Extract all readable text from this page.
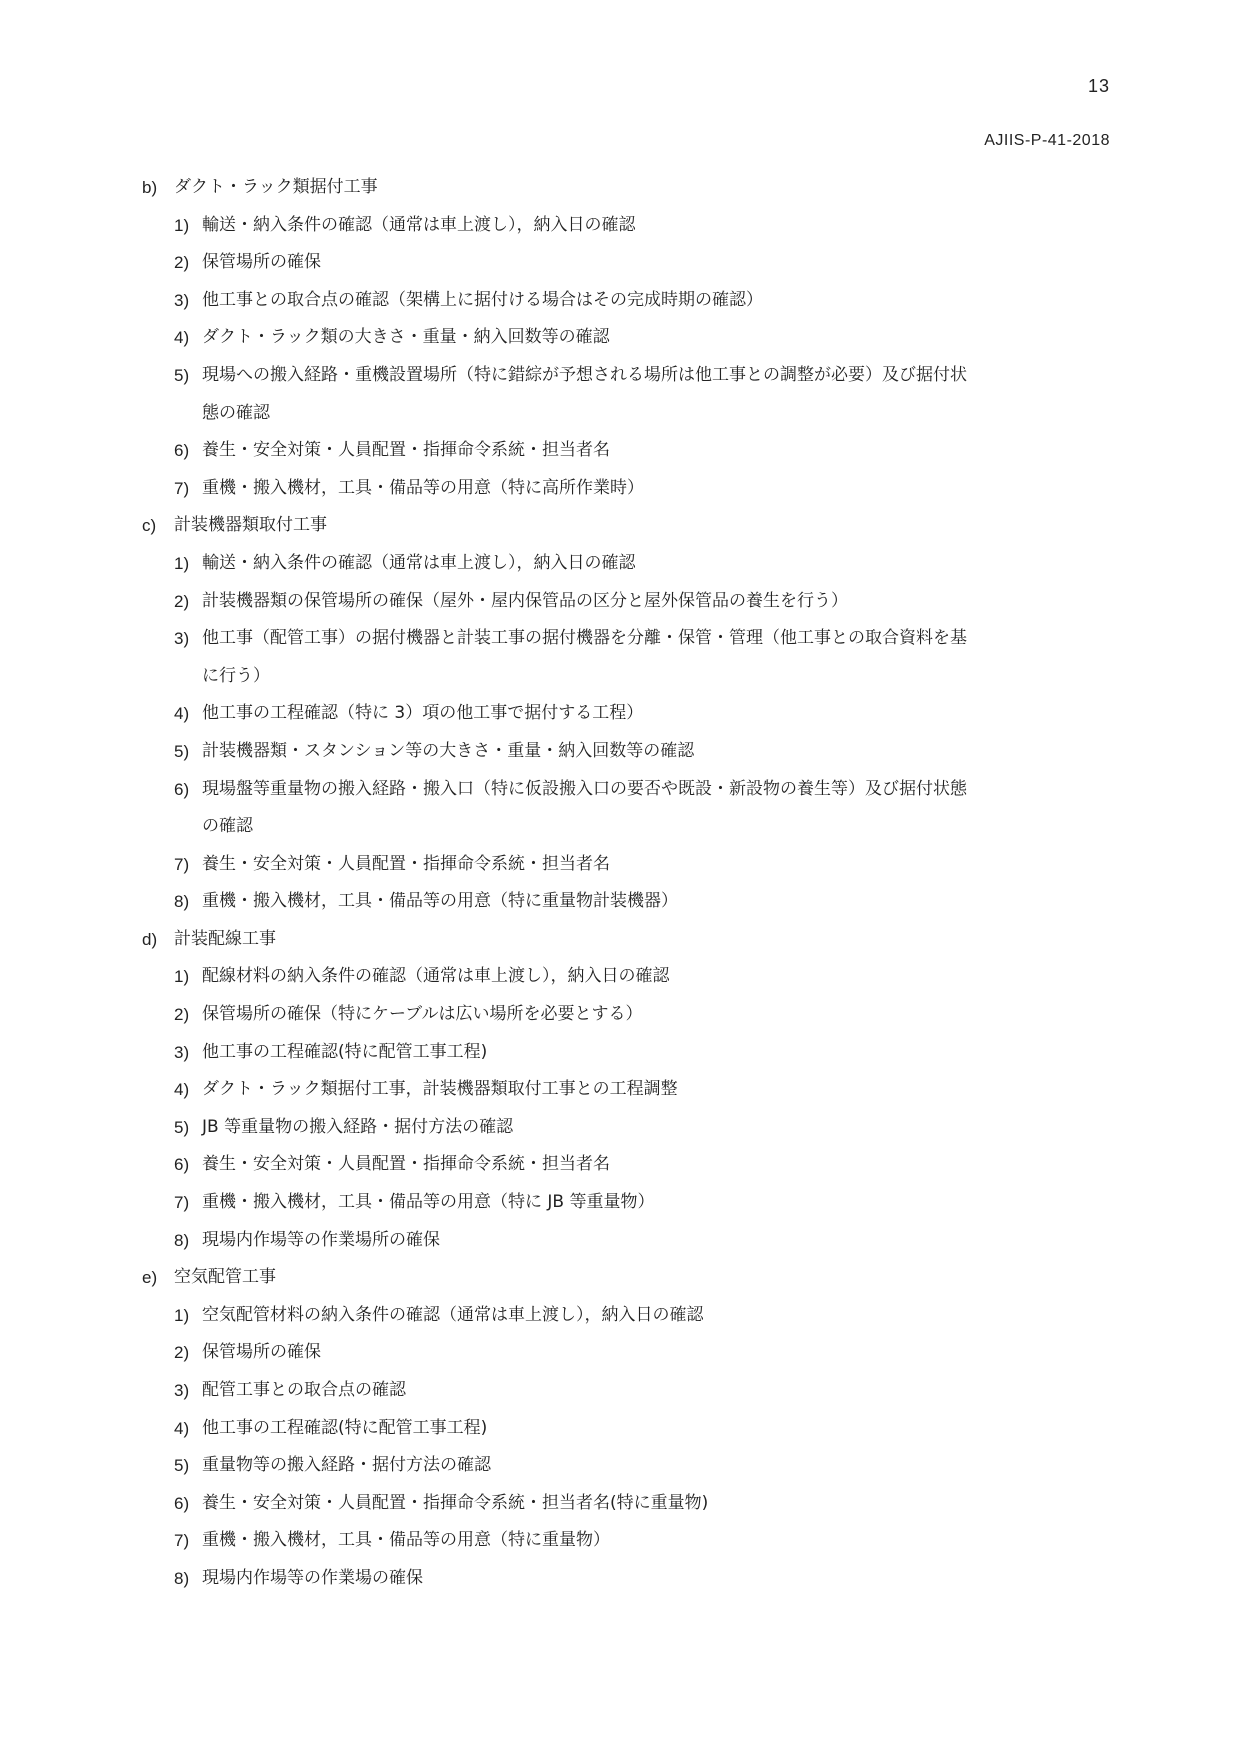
13
AJIIS-P-41-2018
b) ダクト・ラック類据付工事
1) 輸送・納入条件の確認（通常は車上渡し），納入日の確認
2) 保管場所の確保
3) 他工事との取合点の確認（架構上に据付ける場合はその完成時期の確認）
4) ダクト・ラック類の大きさ・重量・納入回数等の確認
5) 現場への搬入経路・重機設置場所（特に錯綜が予想される場所は他工事との調整が必要）及び据付状
態の確認
6) 養生・安全対策・人員配置・指揮命令系統・担当者名
7) 重機・搬入機材，工具・備品等の用意（特に高所作業時）
c)	計装機器類取付工事
1) 輸送・納入条件の確認（通常は車上渡し），納入日の確認
2) 計装機器類の保管場所の確保（屋外・屋内保管品の区分と屋外保管品の養生を行う）
3) 他工事（配管工事）の据付機器と計装工事の据付機器を分離・保管・管理（他工事との取合資料を基
に行う）
4) 他工事の工程確認（特に 3）項の他工事で据付する工程）
5) 計装機器類・スタンション等の大きさ・重量・納入回数等の確認
6) 現場盤等重量物の搬入経路・搬入口（特に仮設搬入口の要否や既設・新設物の養生等）及び据付状態
の確認
7) 養生・安全対策・人員配置・指揮命令系統・担当者名
8) 重機・搬入機材，工具・備品等の用意（特に重量物計装機器）
d) 計装配線工事
1) 配線材料の納入条件の確認（通常は車上渡し），納入日の確認
2) 保管場所の確保（特にケーブルは広い場所を必要とする）
3) 他工事の工程確認(特に配管工事工程)
4) ダクト・ラック類据付工事，計装機器類取付工事との工程調整
5) JB 等重量物の搬入経路・据付方法の確認
6) 養生・安全対策・人員配置・指揮命令系統・担当者名
7) 重機・搬入機材，工具・備品等の用意（特に JB 等重量物）
8) 現場内作場等の作業場所の確保
e) 空気配管工事
1) 空気配管材料の納入条件の確認（通常は車上渡し），納入日の確認
2) 保管場所の確保
3) 配管工事との取合点の確認
4) 他工事の工程確認(特に配管工事工程)
5) 重量物等の搬入経路・据付方法の確認
6) 養生・安全対策・人員配置・指揮命令系統・担当者名(特に重量物)
7) 重機・搬入機材，工具・備品等の用意（特に重量物）
8) 現場内作場等の作業場の確保
